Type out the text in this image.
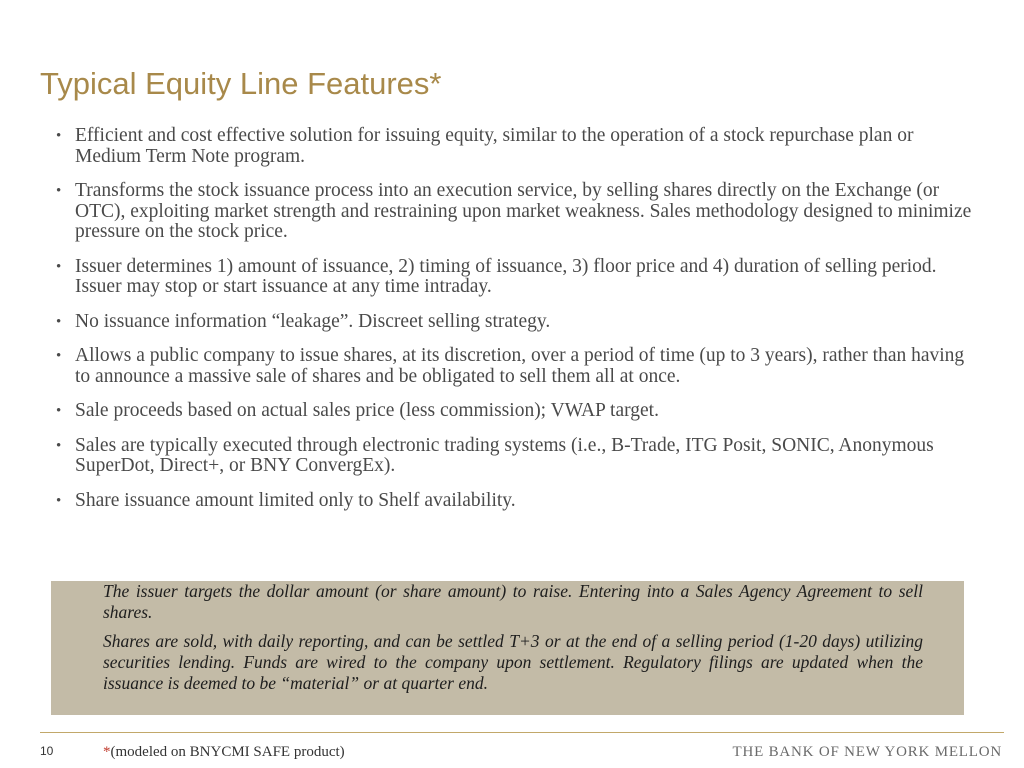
Typical Equity Line Features*
• Efficient and cost effective solution for issuing equity, similar to the operation of a stock repurchase plan or Medium Term Note program.
• Transforms the stock issuance process into an execution service, by selling shares directly on the Exchange (or OTC), exploiting market strength and restraining upon market weakness. Sales methodology designed to minimize pressure on the stock price.
• Issuer determines 1) amount of issuance, 2) timing of issuance, 3) floor price and 4) duration of selling period. Issuer may stop or start issuance at any time intraday.
• No issuance information “leakage”. Discreet selling strategy.
• Allows a public company to issue shares, at its discretion, over a period of time (up to 3 years), rather than having to announce a massive sale of shares and be obligated to sell them all at once.
• Sale proceeds based on actual sales price (less commission); VWAP target.
• Sales are typically executed through electronic trading systems (i.e., B-Trade, ITG Posit, SONIC, Anonymous SuperDot, Direct+, or BNY ConvergEx).
• Share issuance amount limited only to Shelf availability.

The issuer targets the dollar amount (or share amount) to raise. Entering into a Sales Agency Agreement to sell shares.

Shares are sold, with daily reporting, and can be settled T+3 or at the end of a selling period (1-20 days) utilizing securities lending. Funds are wired to the company upon settlement. Regulatory filings are updated when the issuance is deemed to be “material” or at quarter end.

10	*(modeled on BNYCMI SAFE product)	THE BANK OF NEW YORK MELLON
